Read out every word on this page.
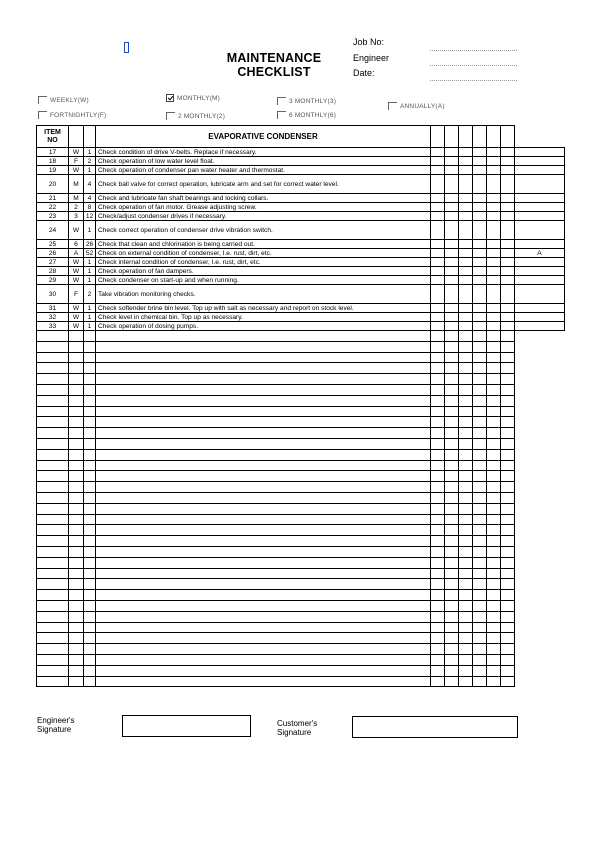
MAINTENANCE
CHECKLIST
Job No:
Engineer
Date:
WEEKLY(W)	MONTHLY(M)	3 MONTHLY(3)
ANNUALLY(A)
FORTNIGHTLY(F)	2 MONTHLY(2)	6 MONTHLY(6)
ITEM
NO			EVAPORATIVE CONDENSER							
17	W	1	Check condition of drive V-belts. Replace if necessary.							
18	F	2	Check operation of low water level float.							
19	W	1	Check operation of condenser pan water heater and thermostat.							
20	M	4	Check ball valve for correct operation, lubricate arm and set for correct water level.							
21	M	4	Check and lubricate fan shaft bearings and locking collars.							
22	2	8	Check operation of fan motor. Grease adjusting screw.							
23	3	12	Check/adjust condenser drives if necessary.							
24	W	1	Check correct operation of condenser drive vibration switch.							
25	6	26	Check that clean and chlorination is being carried out.							
26	A	52	Check on external condition of condenser, I.e. rust, dirt, etc.							A
27	W	1	Check internal condition of condenser, I.e. rust, dirt, etc.							
28	W	1	Check operation of fan dampers.							
29	W	1	Check condenser on start-up and when running.							
30	F	2	Take vibration monitoring checks.							
31	W	1	Check softender brine bin level. Top up with salt as necessary and report on stock level.							
32	W	1	Check level in chemical bin. Top up as necessary.							
33	W	1	Check operation of dosing pumps.							

Engineer's
Signature
Customer's
Signature
